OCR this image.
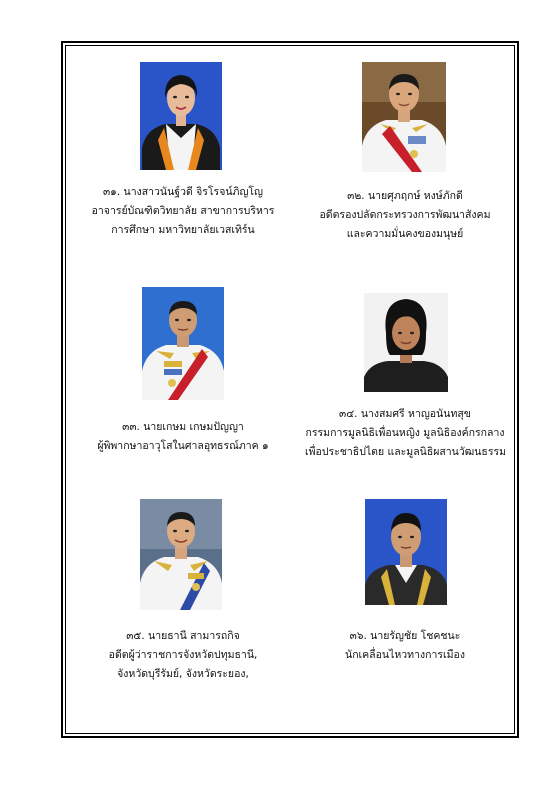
๓๑. นางสาวนันฐ์วดี จิรโรจน์ภิญโญ
อาจารย์บัณฑิตวิทยาลัย สาขาการบริหาร
การศึกษา มหาวิทยาลัยเวสเทิร์น
๓๒. นายศุภฤกษ์ หงษ์ภักดี
อดีตรองปลัดกระทรวงการพัฒนาสังคม
และความมั่นคงของมนุษย์
๓๓. นายเกษม เกษมปัญญา
ผู้พิพากษาอาวุโสในศาลอุทธรณ์ภาค ๑
๓๔. นางสมศรี หาญอนันทสุข
กรรมการมูลนิธิเพื่อนหญิง มูลนิธิองค์กรกลาง
เพื่อประชาธิปไตย และมูลนิธิผสานวัฒนธรรม
๓๕. นายธานี สามารถกิจ
อดีตผู้ว่าราชการจังหวัดปทุมธานี,
จังหวัดบุรีรัมย์, จังหวัดระยอง,
๓๖. นายรัญชัย โชคชนะ
นักเคลื่อนไหวทางการเมือง
